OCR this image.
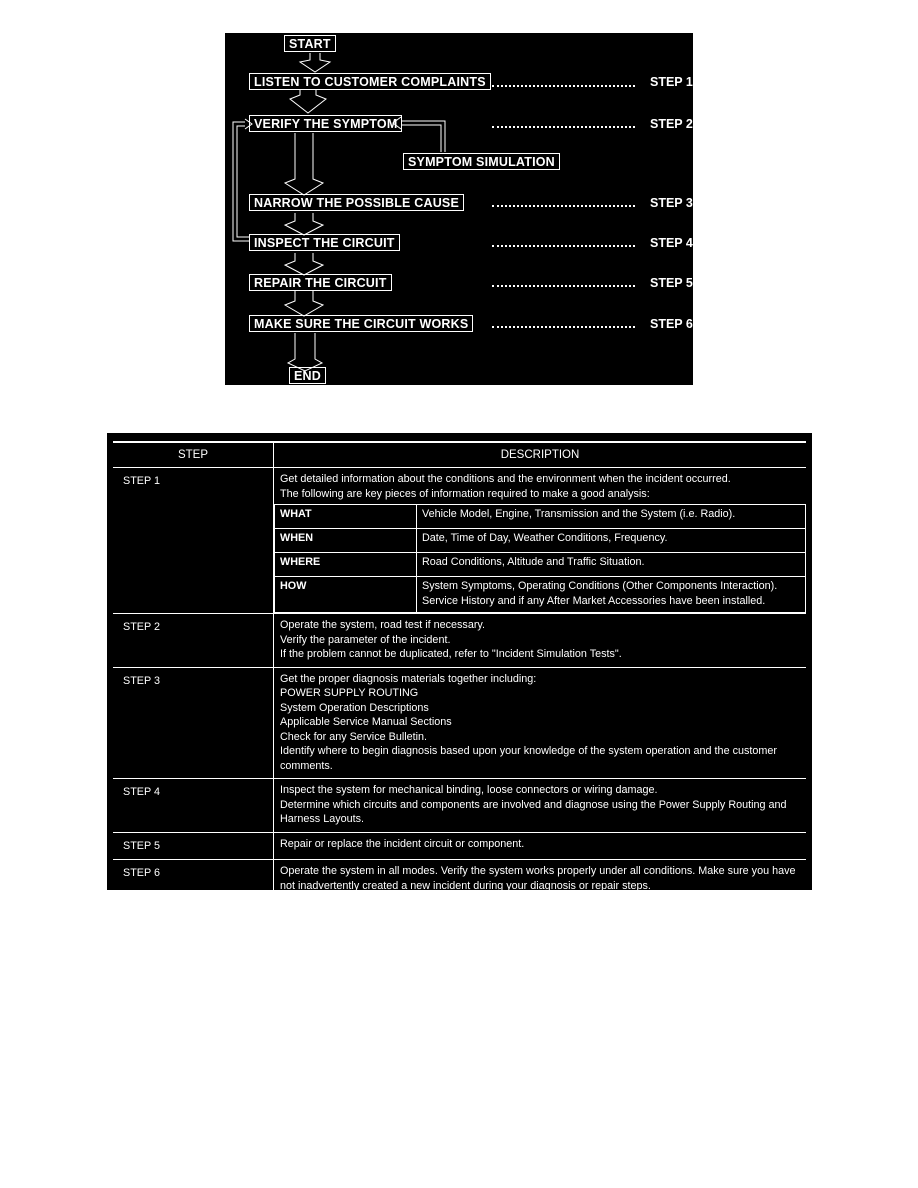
START
LISTEN TO CUSTOMER COMPLAINTS	STEP 1
VERIFY THE SYMPTOM	STEP 2
SYMPTOM SIMULATION
NARROW THE POSSIBLE CAUSE	STEP 3
INSPECT THE CIRCUIT	STEP 4
REPAIR THE CIRCUIT	STEP 5
MAKE SURE THE CIRCUIT WORKS	STEP 6
END
STEP	DESCRIPTION
STEP 1	Get detailed information about the conditions and the environment when the incident occurred.
The following are key pieces of information required to make a good analysis:
WHAT	Vehicle Model, Engine, Transmission and the System (i.e. Radio).
WHEN	Date, Time of Day, Weather Conditions, Frequency.
WHERE	Road Conditions, Altitude and Traffic Situation.
HOW	System Symptoms, Operating Conditions (Other Components Interaction). Service History and if any After Market Accessories have been installed.

STEP 2	Operate the system, road test if necessary.
Verify the parameter of the incident.
If the problem cannot be duplicated, refer to "Incident Simulation Tests".

STEP 3	Get the proper diagnosis materials together including:
POWER SUPPLY ROUTING
System Operation Descriptions
Applicable Service Manual Sections
Check for any Service Bulletin.
Identify where to begin diagnosis based upon your knowledge of the system operation and the customer comments.

STEP 4	Inspect the system for mechanical binding, loose connectors or wiring damage.
Determine which circuits and components are involved and diagnose using the Power Supply Routing and Harness Layouts.

STEP 5	Repair or replace the incident circuit or component.

STEP 6	Operate the system in all modes. Verify the system works properly under all conditions. Make sure you have not inadvertently created a new incident during your diagnosis or repair steps.
